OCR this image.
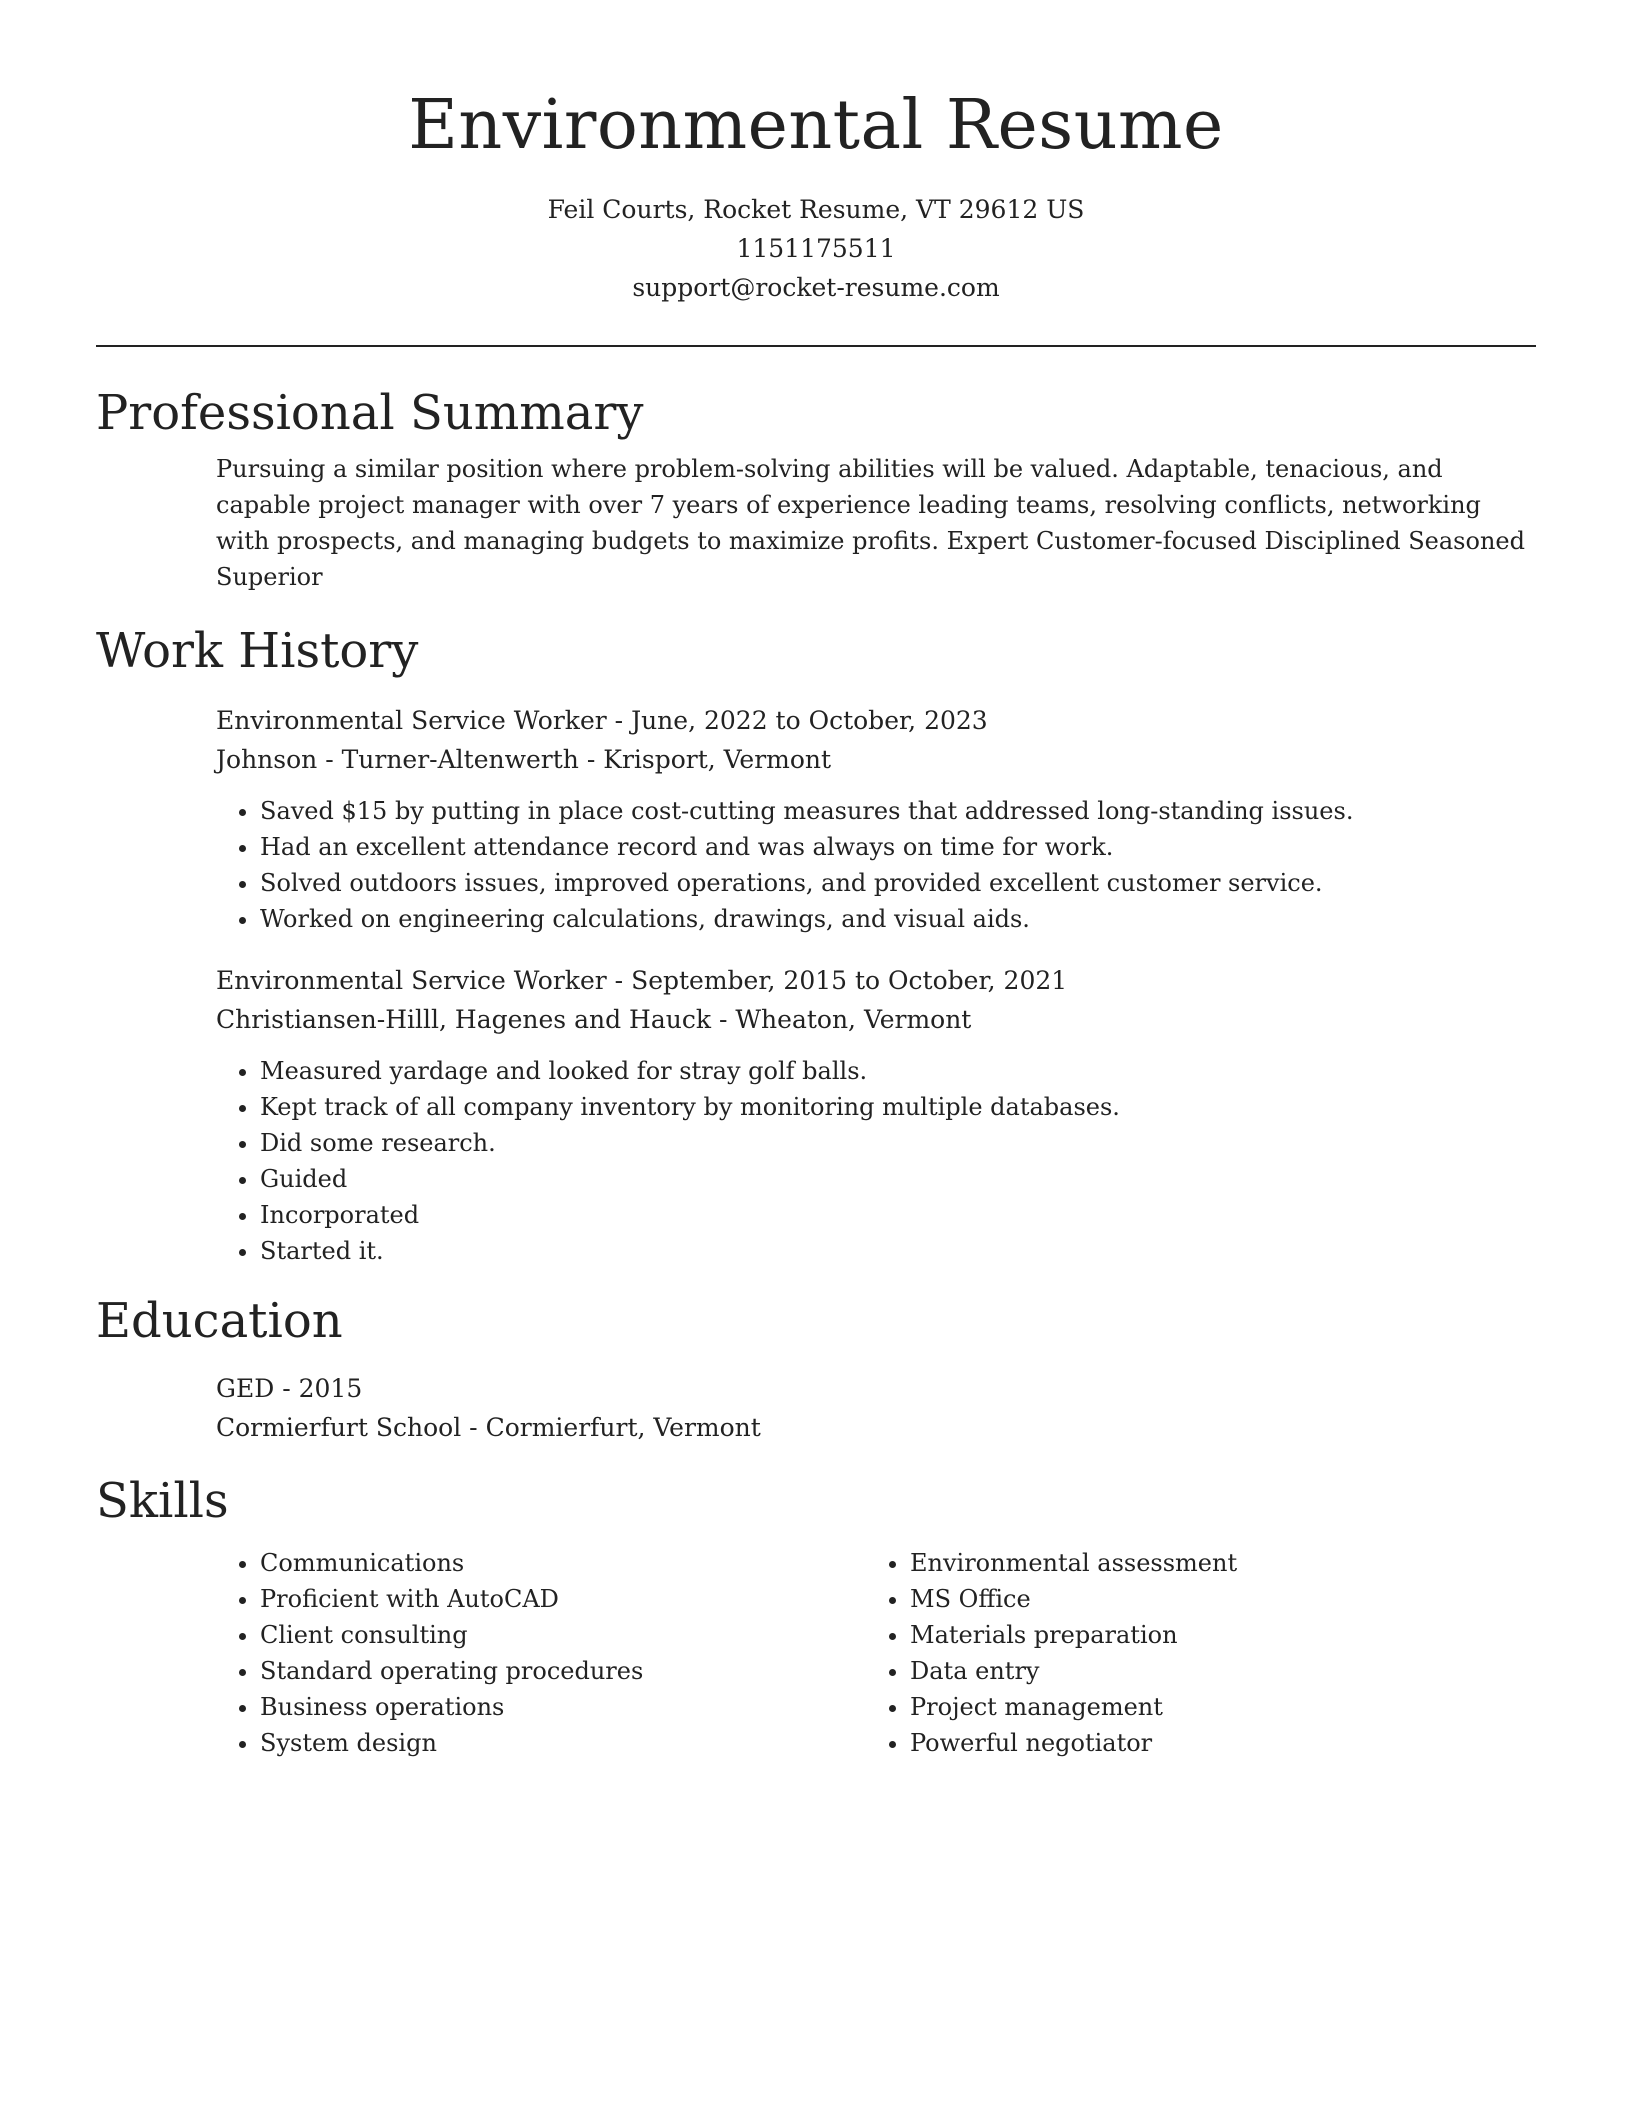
Environmental Resume
Feil Courts, Rocket Resume, VT 29612 US
1151175511
support@rocket-resume.com
Professional Summary

Pursuing a similar position where problem-solving abilities will be valued. Adaptable, tenacious, and capable project manager with over 7 years of experience leading teams, resolving conflicts, networking with prospects, and managing budgets to maximize profits. Expert Customer-focused Disciplined Seasoned Superior

Work History
Environmental Service Worker - June, 2022 to October, 2023
Johnson - Turner-Altenwerth - Krisport, Vermont
• Saved $15 by putting in place cost-cutting measures that addressed long-standing issues.
• Had an excellent attendance record and was always on time for work.
• Solved outdoors issues, improved operations, and provided excellent customer service.
• Worked on engineering calculations, drawings, and visual aids.
Environmental Service Worker - September, 2015 to October, 2021
Christiansen-Hilll, Hagenes and Hauck - Wheaton, Vermont
• Measured yardage and looked for stray golf balls.
• Kept track of all company inventory by monitoring multiple databases.
• Did some research.
• Guided
• Incorporated
• Started it.
Education
GED - 2015
Cormierfurt School - Cormierfurt, Vermont
Skills
• Communications
• Proficient with AutoCAD
• Client consulting
• Standard operating procedures
• Business operations
• System design
• Environmental assessment
• MS Office
• Materials preparation
• Data entry
• Project management
• Powerful negotiator
